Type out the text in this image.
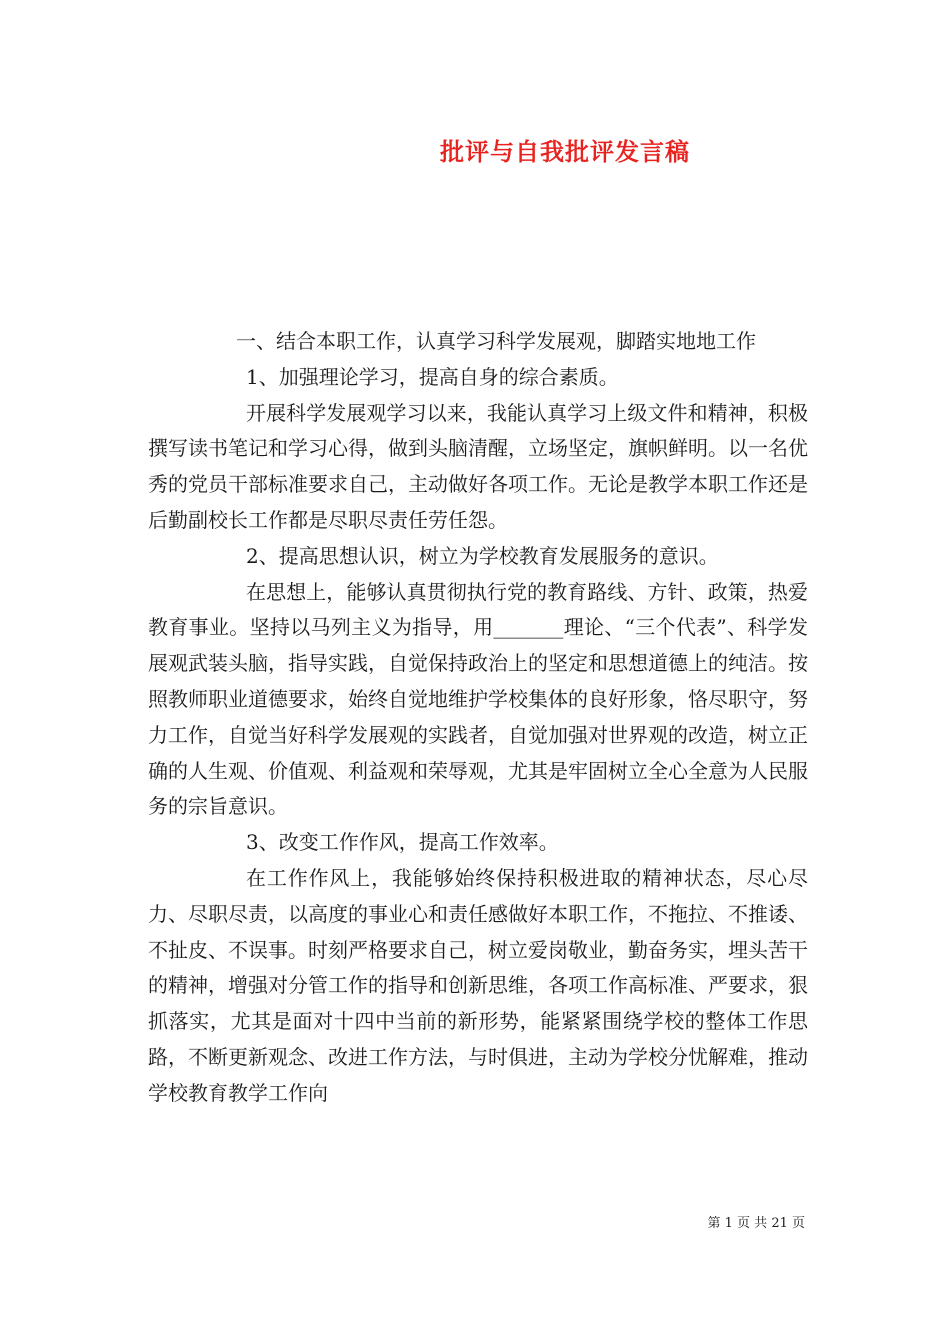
批评与自我批评发言稿

一、结合本职工作，认真学习科学发展观，脚踏实地地工作

1、加强理论学习，提高自身的综合素质。

开展科学发展观学习以来，我能认真学习上级文件和精神，积极撰写读书笔记和学习心得，做到头脑清醒，立场坚定，旗帜鲜明。以一名优秀的党员干部标准要求自己，主动做好各项工作。无论是教学本职工作还是后勤副校长工作都是尽职尽责任劳任怨。

2、提高思想认识，树立为学校教育发展服务的意识。

在思想上，能够认真贯彻执行党的教育路线、方针、政策，热爱教育事业。坚持以马列主义为指导，用_______理论、“三个代表”、科学发展观武装头脑，指导实践，自觉保持政治上的坚定和思想道德上的纯洁。按照教师职业道德要求，始终自觉地维护学校集体的良好形象，恪尽职守，努力工作，自觉当好科学发展观的实践者，自觉加强对世界观的改造，树立正确的人生观、价值观、利益观和荣辱观，尤其是牢固树立全心全意为人民服务的宗旨意识。

3、改变工作作风，提高工作效率。

在工作作风上，我能够始终保持积极进取的精神状态，尽心尽力、尽职尽责，以高度的事业心和责任感做好本职工作，不拖拉、不推诿、不扯皮、不误事。时刻严格要求自己，树立爱岗敬业，勤奋务实，埋头苦干的精神，增强对分管工作的指导和创新思维，各项工作高标准、严要求，狠抓落实，尤其是面对十四中当前的新形势，能紧紧围绕学校的整体工作思路，不断更新观念、改进工作方法，与时俱进，主动为学校分忧解难，推动学校教育教学工作向

第 1 页 共 21 页
